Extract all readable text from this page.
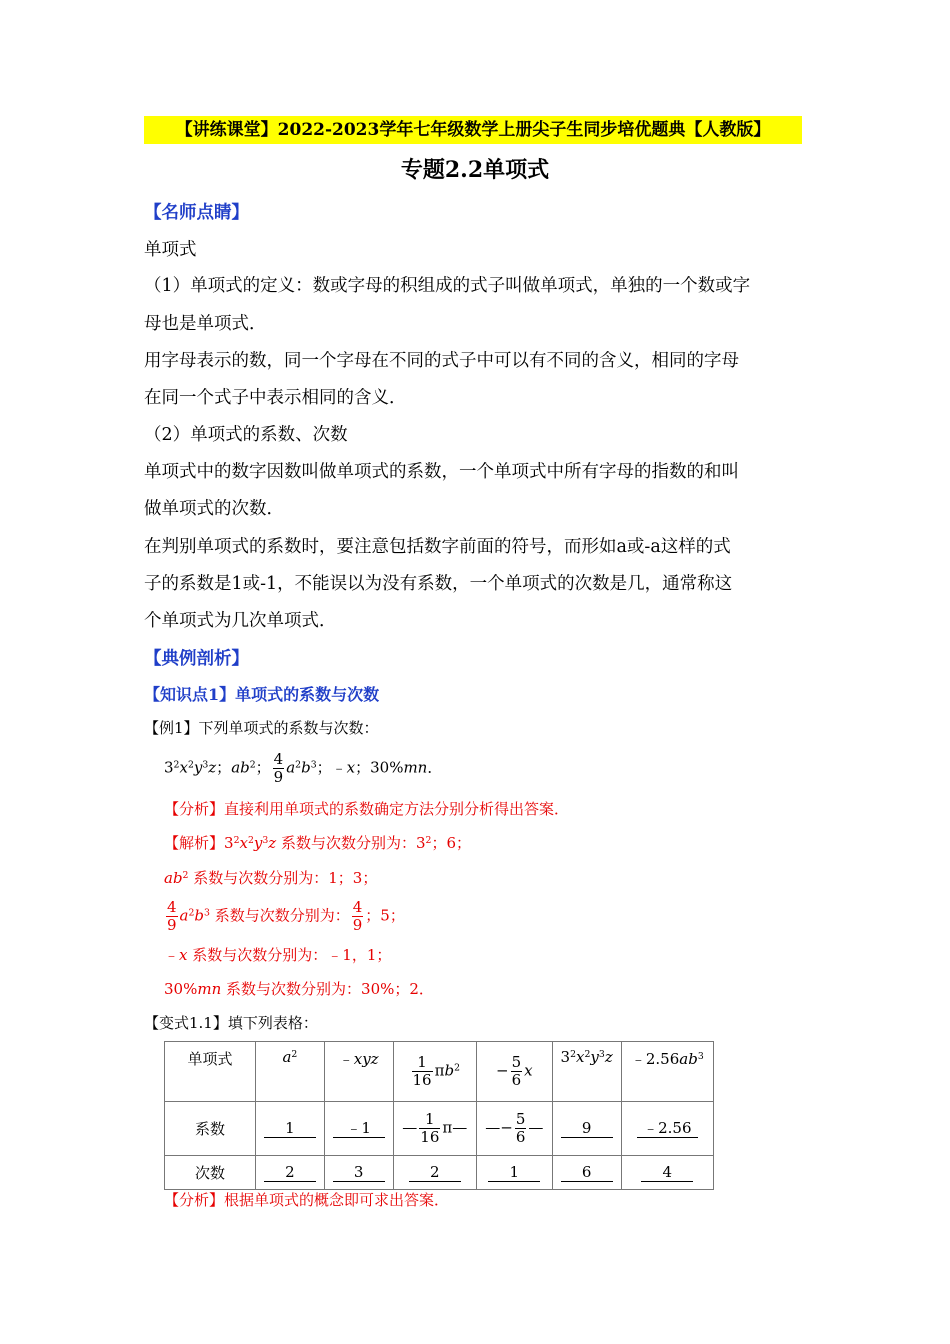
【讲练课堂】2022-2023学年七年级数学上册尖子生同步培优题典【人教版】
专题2.2单项式
【名师点睛】
单项式
（1）单项式的定义：数或字母的积组成的式子叫做单项式，单独的一个数或字
母也是单项式．
用字母表示的数，同一个字母在不同的式子中可以有不同的含义，相同的字母
在同一个式子中表示相同的含义．
（2）单项式的系数、次数
单项式中的数字因数叫做单项式的系数，一个单项式中所有字母的指数的和叫
做单项式的次数．
在判别单项式的系数时，要注意包括数字前面的符号，而形如a或-a这样的式
子的系数是1或-1，不能误以为没有系数，一个单项式的次数是几，通常称这
个单项式为几次单项式．
【典例剖析】
【知识点1】单项式的系数与次数
【例1】下列单项式的系数与次数：
$3^2x^2y^3z$；$ab^2$； $\frac{4}{9} a^2b^3$；﹣x；30%mn．
【分析】直接利用单项式的系数确定方法分别分析得出答案．
【解析】$3^2x^2y^3z$ 系数与次数分别为：$3^2$；6；
$ab^2$ 系数与次数分别为：1；3；
$\frac{4}{9} a^2b^3$ 系数与次数分别为： $\frac{4}{9}$ ；5；
﹣x 系数与次数分别为：﹣1，1；
30%mn 系数与次数分别为：30%；2．
【变式1.1】填下列表格：
单项式	$a^2$	﹣xyz	$\frac{1}{16} \pi b^2$	− $\frac{5}{6}$ x	$3^2x^2y^3z$	$﹣2.56ab^3$
系数	1	﹣1	— $\frac{1}{16}$ π—	—− $\frac{5}{6}$ —	9	﹣2.56
次数	2	3	2	1	6	4
【分析】根据单项式的概念即可求出答案．
